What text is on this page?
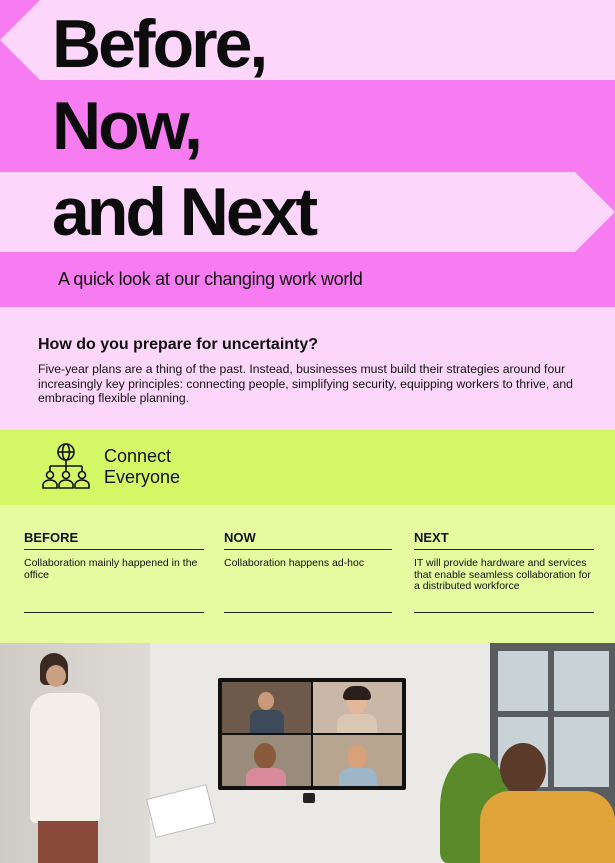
Before,
Now,
and Next

A quick look at our changing work world

How do you prepare for uncertainty?

Five-year plans are a thing of the past. Instead, businesses must build their strategies around four increasingly key principles: connecting people, simplifying security, equipping workers to thrive, and embracing flexible planning.

Connect
Everyone
BEFORE
Collaboration mainly happened in the office
NOW
Collaboration happens ad-hoc
NEXT
IT will provide hardware and services that enable seamless collaboration for a distributed workforce
